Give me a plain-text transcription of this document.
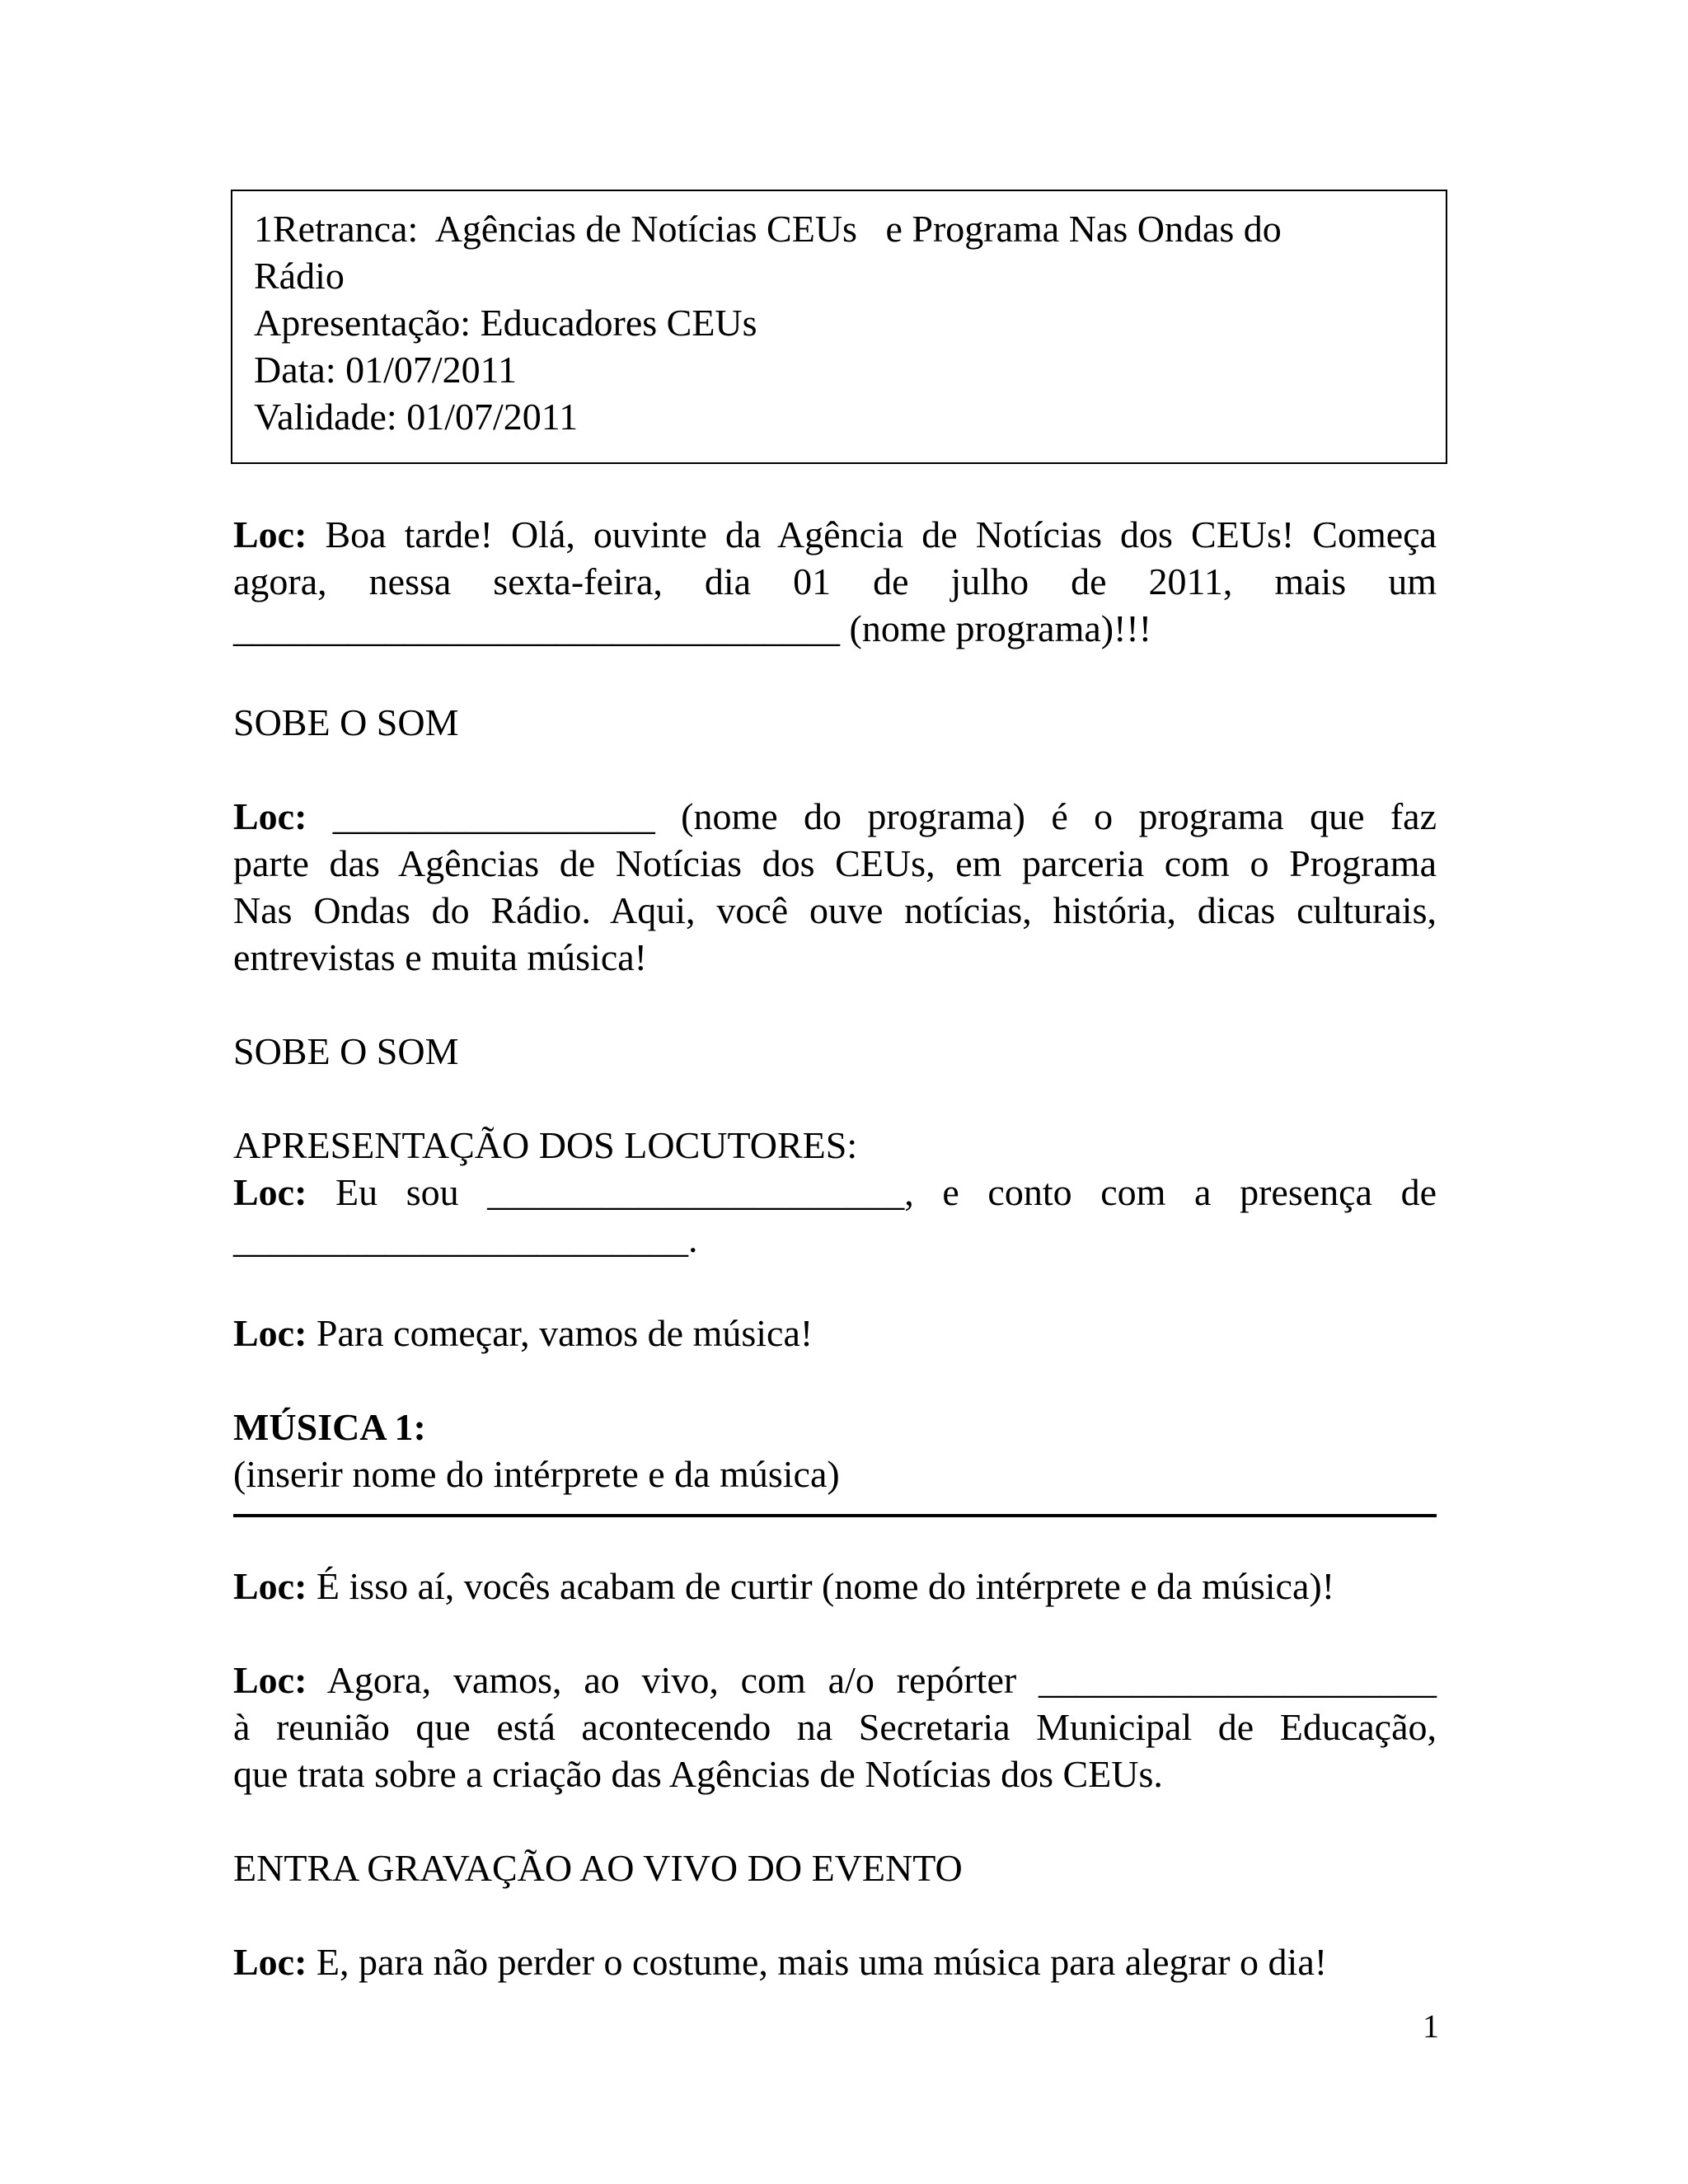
1Retranca:  Agências de Notícias CEUs   e Programa Nas Ondas do
Rádio
Apresentação: Educadores CEUs
Data: 01/07/2011
Validade: 01/07/2011
Loc: Boa tarde! Olá, ouvinte da Agência de Notícias dos CEUs! Começa
agora, nessa sexta-feira, dia 01 de julho de 2011, mais um
________________________________ (nome programa)!!!
SOBE O SOM
Loc: _________________ (nome do programa) é o programa que faz
parte das Agências de Notícias dos CEUs, em parceria com o Programa
Nas Ondas do Rádio. Aqui, você ouve notícias, história, dicas culturais,
entrevistas e muita música!
SOBE O SOM
APRESENTAÇÃO DOS LOCUTORES:
Loc: Eu sou ______________________, e conto com a presença de
________________________.
Loc: Para começar, vamos de música!
MÚSICA 1:
(inserir nome do intérprete e da música)
Loc: É isso aí, vocês acabam de curtir (nome do intérprete e da música)!
Loc: Agora, vamos, ao vivo, com a/o repórter _____________________
à reunião que está acontecendo na Secretaria Municipal de Educação,
que trata sobre a criação das Agências de Notícias dos CEUs.
ENTRA GRAVAÇÃO AO VIVO DO EVENTO
Loc: E, para não perder o costume, mais uma música para alegrar o dia!
1
